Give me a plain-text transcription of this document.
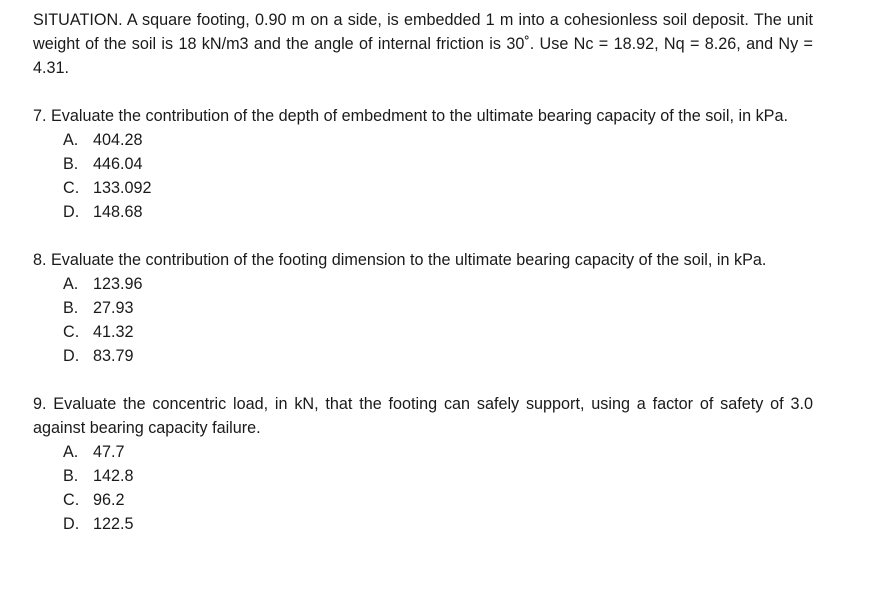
SITUATION. A square footing, 0.90 m on a side, is embedded 1 m into a cohesionless soil deposit. The unit weight of the soil is 18 kN/m3 and the angle of internal friction is 30˚. Use Nc = 18.92, Nq = 8.26, and Ny = 4.31.

7. Evaluate the contribution of the depth of embedment to the ultimate bearing capacity of the soil, in kPa.

A. 404.28
B. 446.04
C. 133.092
D. 148.68

8. Evaluate the contribution of the footing dimension to the ultimate bearing capacity of the soil, in kPa.

A. 123.96
B. 27.93
C. 41.32
D. 83.79

9. Evaluate the concentric load, in kN, that the footing can safely support, using a factor of safety of 3.0 against bearing capacity failure.

A. 47.7
B. 142.8
C. 96.2
D. 122.5
